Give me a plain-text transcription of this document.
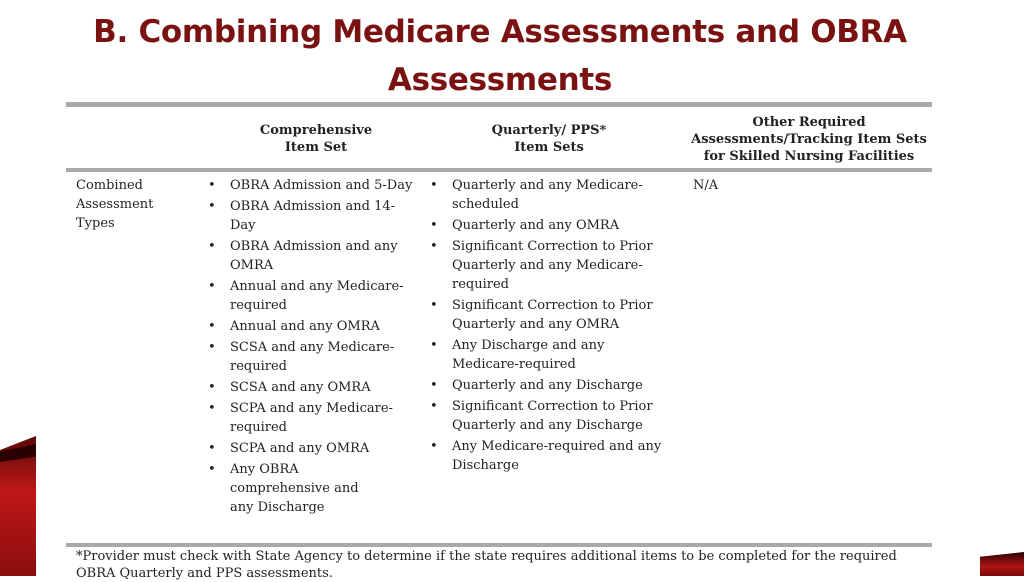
B. Combining Medicare Assessments and OBRA Assessments
Comprehensive
Item Set
Quarterly/ PPS*
Item Sets
Other Required
Assessments/Tracking Item Sets
for Skilled Nursing Facilities
Combined
Assessment
Types
• OBRA Admission and 5-Day
• OBRA Admission and 14-Day
• OBRA Admission and any OMRA
• Annual and any Medicare-required
• Annual and any OMRA
• SCSA and any Medicare-required
• SCSA and any OMRA
• SCPA and any Medicare-required
• SCPA and any OMRA
• Any OBRA comprehensive and any Discharge
• Quarterly and any Medicare-scheduled
• Quarterly and any OMRA
• Significant Correction to Prior Quarterly and any Medicare-required
• Significant Correction to Prior Quarterly and any OMRA
• Any Discharge and any Medicare-required
• Quarterly and any Discharge
• Significant Correction to Prior Quarterly and any Discharge
• Any Medicare-required and any Discharge
N/A
*Provider must check with State Agency to determine if the state requires additional items to be completed for the required OBRA Quarterly and PPS assessments.
